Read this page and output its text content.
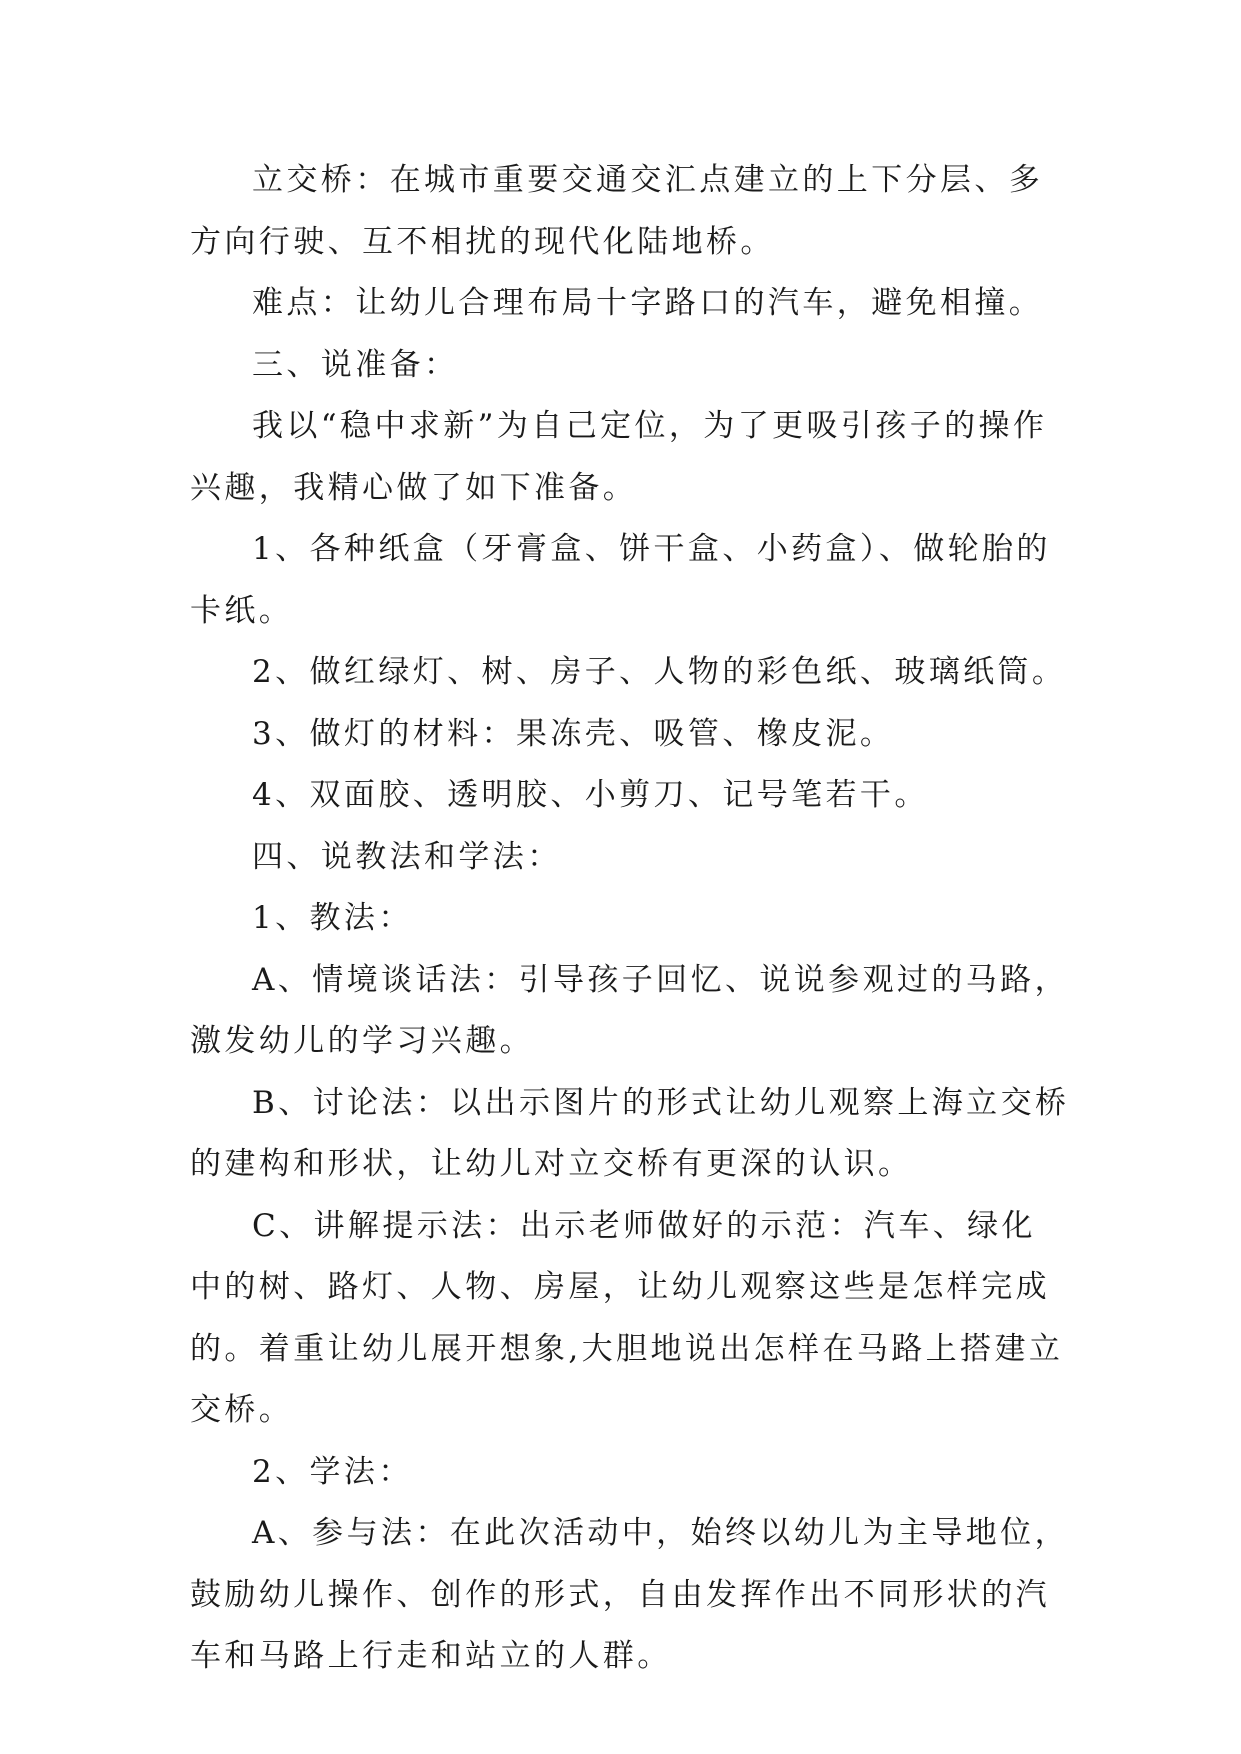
立交桥：在城市重要交通交汇点建立的上下分层、多方向行驶、互不相扰的现代化陆地桥。

难点：让幼儿合理布局十字路口的汽车，避免相撞。

三、说准备：

我以“稳中求新”为自己定位，为了更吸引孩子的操作兴趣，我精心做了如下准备。

1、各种纸盒（牙膏盒、饼干盒、小药盒）、做轮胎的卡纸。

2、做红绿灯、树、房子、人物的彩色纸、玻璃纸筒。

3、做灯的材料：果冻壳、吸管、橡皮泥。

4、双面胶、透明胶、小剪刀、记号笔若干。

四、说教法和学法：

1、教法：

A、情境谈话法：引导孩子回忆、说说参观过的马路，激发幼儿的学习兴趣。

B、讨论法：以出示图片的形式让幼儿观察上海立交桥的建构和形状，让幼儿对立交桥有更深的认识。

C、讲解提示法：出示老师做好的示范：汽车、绿化中的树、路灯、人物、房屋，让幼儿观察这些是怎样完成的。着重让幼儿展开想象,大胆地说出怎样在马路上搭建立交桥。

2、学法：

A、参与法：在此次活动中，始终以幼儿为主导地位，鼓励幼儿操作、创作的形式，自由发挥作出不同形状的汽车和马路上行走和站立的人群。
